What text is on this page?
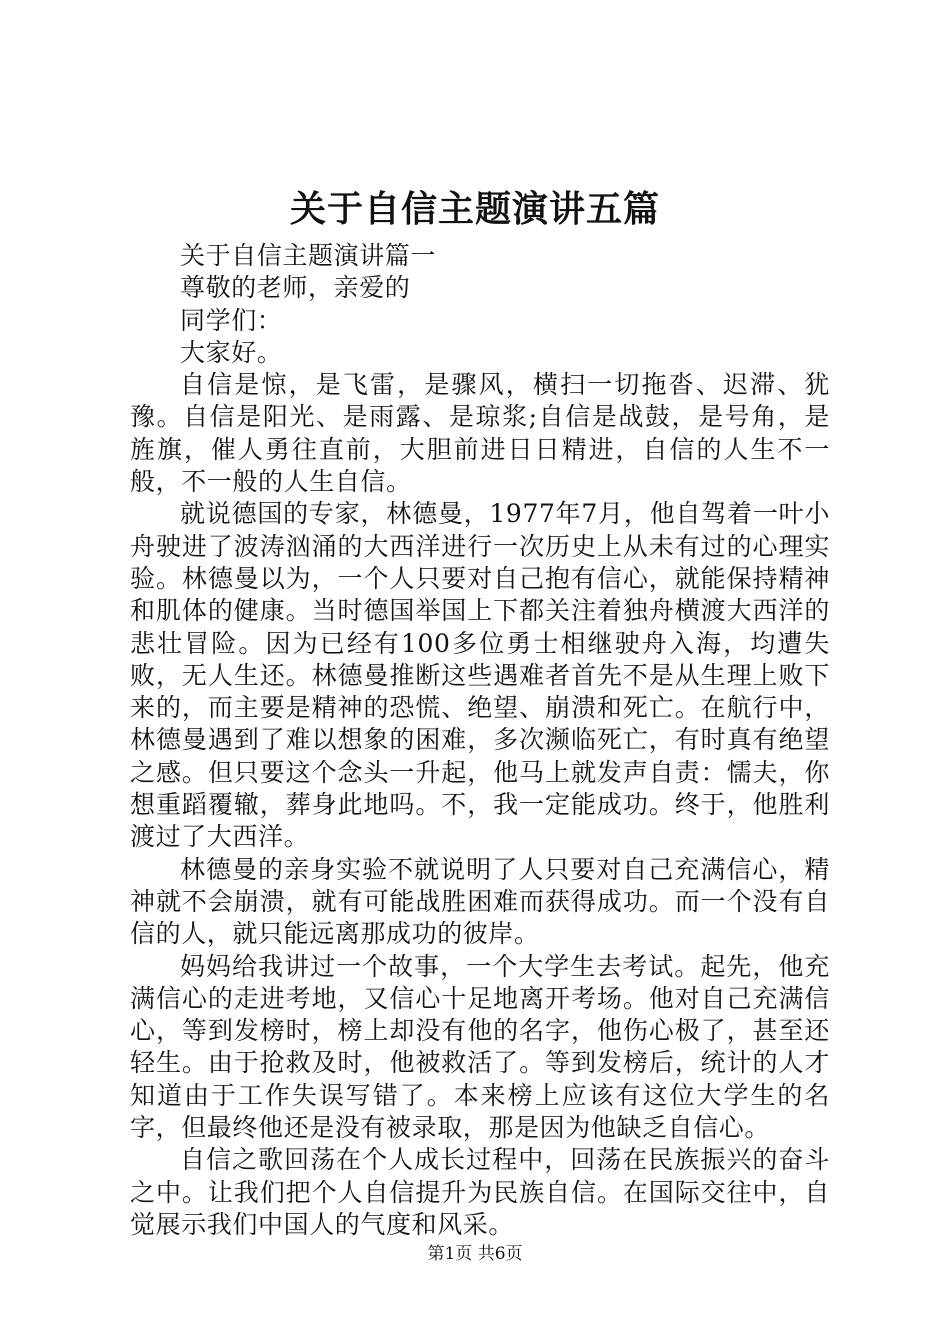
关于自信主题演讲五篇

关于自信主题演讲篇一

尊敬的老师，亲爱的

同学们：

大家好。

自信是惊，是飞雷，是骤风，横扫一切拖沓、迟滞、犹豫。自信是阳光、是雨露、是琼浆;自信是战鼓，是号角，是旌旗，催人勇往直前，大胆前进日日精进，自信的人生不一般，不一般的人生自信。

就说德国的专家，林德曼，1977年7月，他自驾着一叶小舟驶进了波涛汹涌的大西洋进行一次历史上从未有过的心理实验。林德曼以为，一个人只要对自己抱有信心，就能保持精神和肌体的健康。当时德国举国上下都关注着独舟横渡大西洋的悲壮冒险。因为已经有100多位勇士相继驶舟入海，均遭失败，无人生还。林德曼推断这些遇难者首先不是从生理上败下来的，而主要是精神的恐慌、绝望、崩溃和死亡。在航行中，林德曼遇到了难以想象的困难，多次濒临死亡，有时真有绝望之感。但只要这个念头一升起，他马上就发声自责：懦夫，你想重蹈覆辙，葬身此地吗。不，我一定能成功。终于，他胜利渡过了大西洋。

林德曼的亲身实验不就说明了人只要对自己充满信心，精神就不会崩溃，就有可能战胜困难而获得成功。而一个没有自信的人，就只能远离那成功的彼岸。

妈妈给我讲过一个故事，一个大学生去考试。起先，他充满信心的走进考地，又信心十足地离开考场。他对自己充满信心，等到发榜时，榜上却没有他的名字，他伤心极了，甚至还轻生。由于抢救及时，他被救活了。等到发榜后，统计的人才知道由于工作失误写错了。本来榜上应该有这位大学生的名字，但最终他还是没有被录取，那是因为他缺乏自信心。

自信之歌回荡在个人成长过程中，回荡在民族振兴的奋斗之中。让我们把个人自信提升为民族自信。在国际交往中，自觉展示我们中国人的气度和风采。

第1页 共6页
